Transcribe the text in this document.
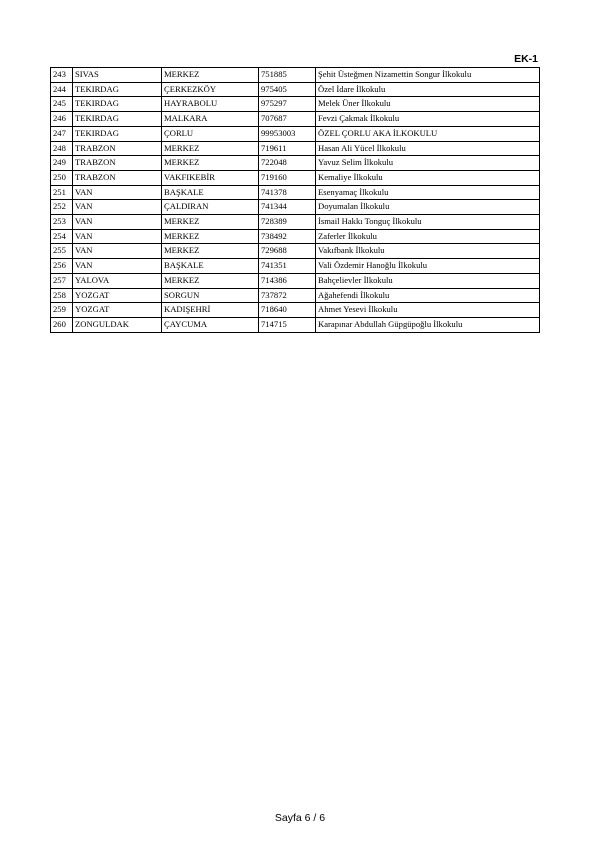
EK-1
243	SIVAS	MERKEZ	751885	Şehit Üsteğmen Nizamettin Songur İlkokulu
244	TEKIRDAG	ÇERKEZKÖY	975405	Özel İdare İlkokulu
245	TEKIRDAG	HAYRABOLU	975297	Melek Üner İlkokulu
246	TEKIRDAG	MALKARA	707687	Fevzi Çakmak İlkokulu
247	TEKIRDAG	ÇORLU	99953003	ÖZEL ÇORLU AKA İLKOKULU
248	TRABZON	MERKEZ	719611	Hasan Ali Yücel İlkokulu
249	TRABZON	MERKEZ	722048	Yavuz Selim İlkokulu
250	TRABZON	VAKFIKEBİR	719160	Kemaliye İlkokulu
251	VAN	BAŞKALE	741378	Esenyamaç İlkokulu
252	VAN	ÇALDIRAN	741344	Doyumalan İlkokulu
253	VAN	MERKEZ	728389	İsmail Hakkı Tonguç İlkokulu
254	VAN	MERKEZ	738492	Zaferler İlkokulu
255	VAN	MERKEZ	729688	Vakıfbank İlkokulu
256	VAN	BAŞKALE	741351	Vali Özdemir Hanoğlu İlkokulu
257	YALOVA	MERKEZ	714386	Bahçelievler İlkokulu
258	YOZGAT	SORGUN	737872	Ağahefendi İlkokulu
259	YOZGAT	KADIŞEHRİ	718640	Ahmet Yesevi İlkokulu
260	ZONGULDAK	ÇAYCUMA	714715	Karapınar Abdullah Güpgüpoğlu İlkokulu
Sayfa 6 / 6
